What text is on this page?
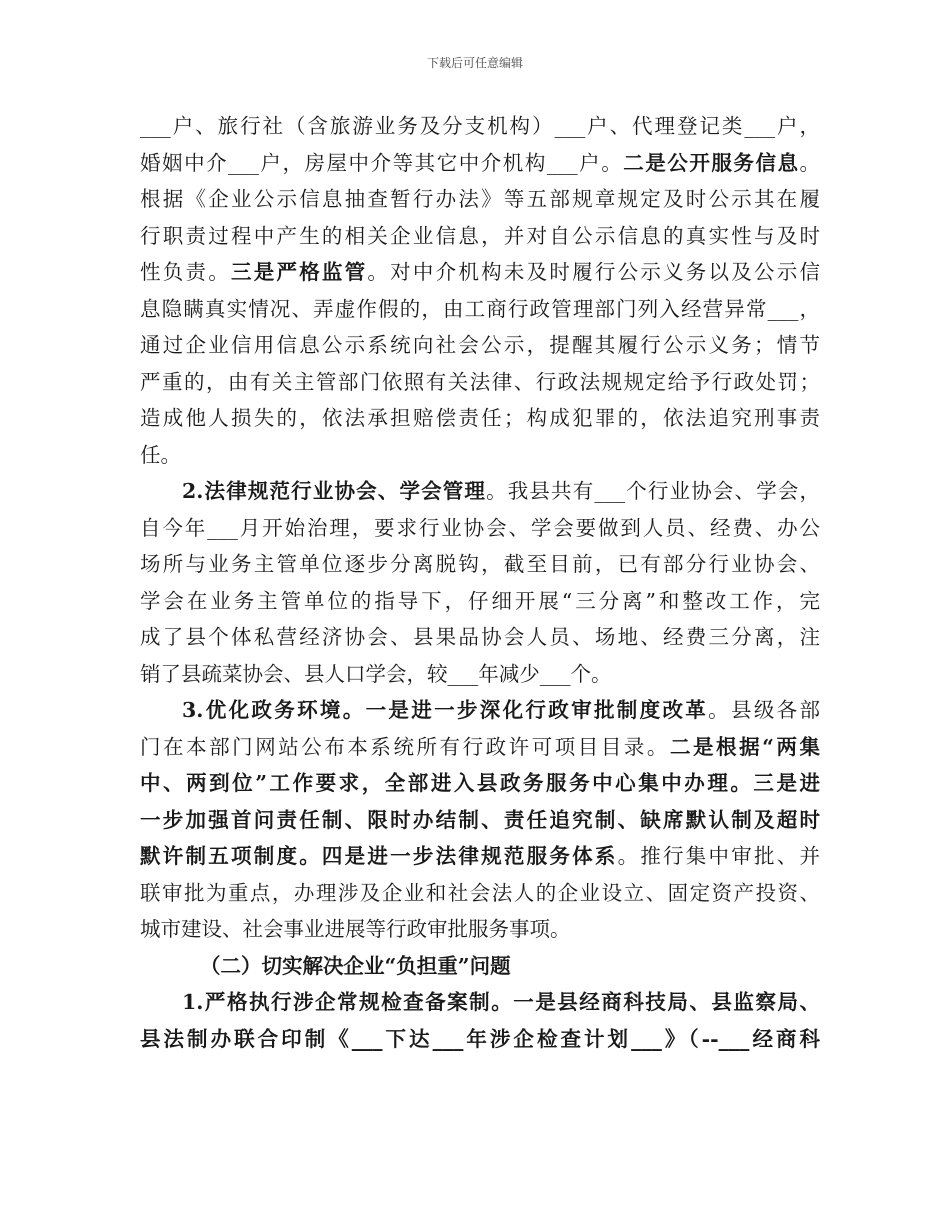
下载后可任意编辑
___户、旅行社（含旅游业务及分支机构）___户、代理登记类___户，
婚姻中介___户，房屋中介等其它中介机构___户。二是公开服务信息。
根据《企业公示信息抽查暂行办法》等五部规章规定及时公示其在履
行职责过程中产生的相关企业信息，并对自公示信息的真实性与及时
性负责。三是严格监管。对中介机构未及时履行公示义务以及公示信
息隐瞒真实情况、弄虚作假的，由工商行政管理部门列入经营异常___，
通过企业信用信息公示系统向社会公示，提醒其履行公示义务；情节
严重的，由有关主管部门依照有关法律、行政法规规定给予行政处罚；
造成他人损失的，依法承担赔偿责任；构成犯罪的，依法追究刑事责
任。
2.法律规范行业协会、学会管理。我县共有___个行业协会、学会，
自今年___月开始治理，要求行业协会、学会要做到人员、经费、办公
场所与业务主管单位逐步分离脱钩，截至目前，已有部分行业协会、
学会在业务主管单位的指导下，仔细开展“三分离”和整改工作，完
成了县个体私营经济协会、县果品协会人员、场地、经费三分离，注
销了县疏菜协会、县人口学会，较___年减少___个。
3.优化政务环境。一是进一步深化行政审批制度改革。县级各部
门在本部门网站公布本系统所有行政许可项目目录。二是根据“两集
中、两到位”工作要求，全部进入县政务服务中心集中办理。三是进
一步加强首问责任制、限时办结制、责任追究制、缺席默认制及超时
默许制五项制度。四是进一步法律规范服务体系。推行集中审批、并
联审批为重点，办理涉及企业和社会法人的企业设立、固定资产投资、
城市建设、社会事业进展等行政审批服务事项。
（二）切实解决企业“负担重”问题
1.严格执行涉企常规检查备案制。一是县经商科技局、县监察局、
县法制办联合印制《___下达___年涉企检查计划___》（--___经商科
